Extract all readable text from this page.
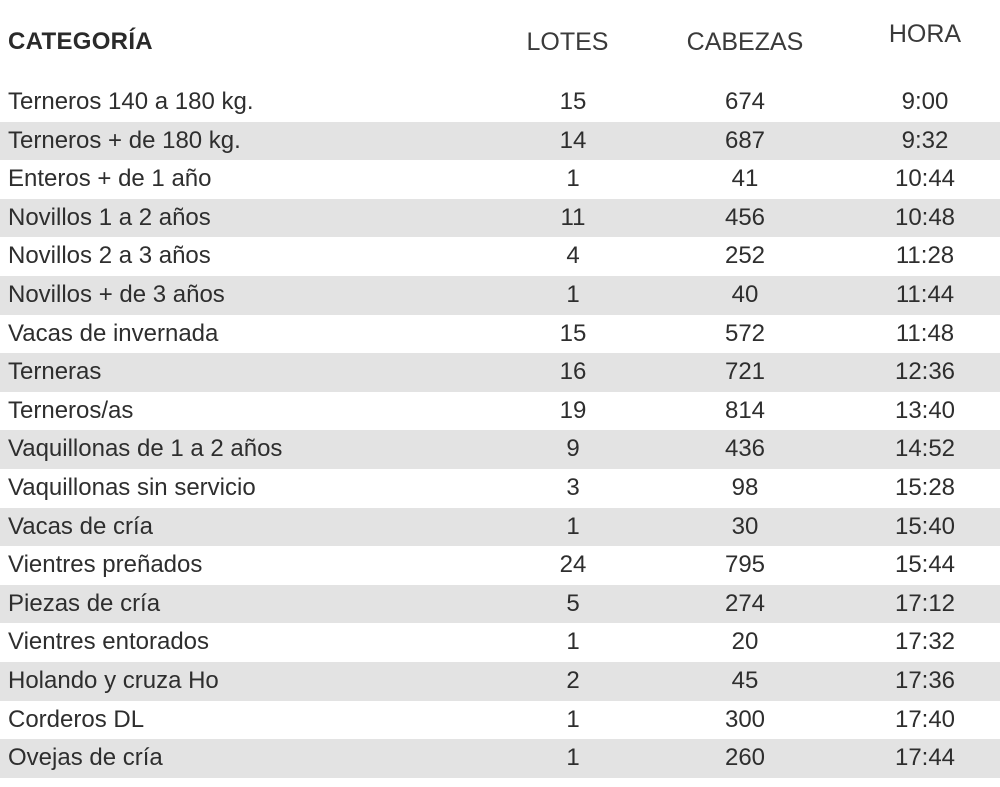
CATEGORÍA	LOTES	CABEZAS	HORA
Terneros 140 a 180 kg.	15	674	9:00
Terneros + de 180 kg.	14	687	9:32
Enteros + de 1 año	1	41	10:44
Novillos 1 a 2 años	11	456	10:48
Novillos 2 a 3 años	4	252	11:28
Novillos + de 3 años	1	40	11:44
Vacas de invernada	15	572	11:48
Terneras	16	721	12:36
Terneros/as	19	814	13:40
Vaquillonas de 1 a 2 años	9	436	14:52
Vaquillonas sin servicio	3	98	15:28
Vacas de cría	1	30	15:40
Vientres preñados	24	795	15:44
Piezas de cría	5	274	17:12
Vientres entorados	1	20	17:32
Holando y cruza Ho	2	45	17:36
Corderos DL	1	300	17:40
Ovejas de cría	1	260	17:44
